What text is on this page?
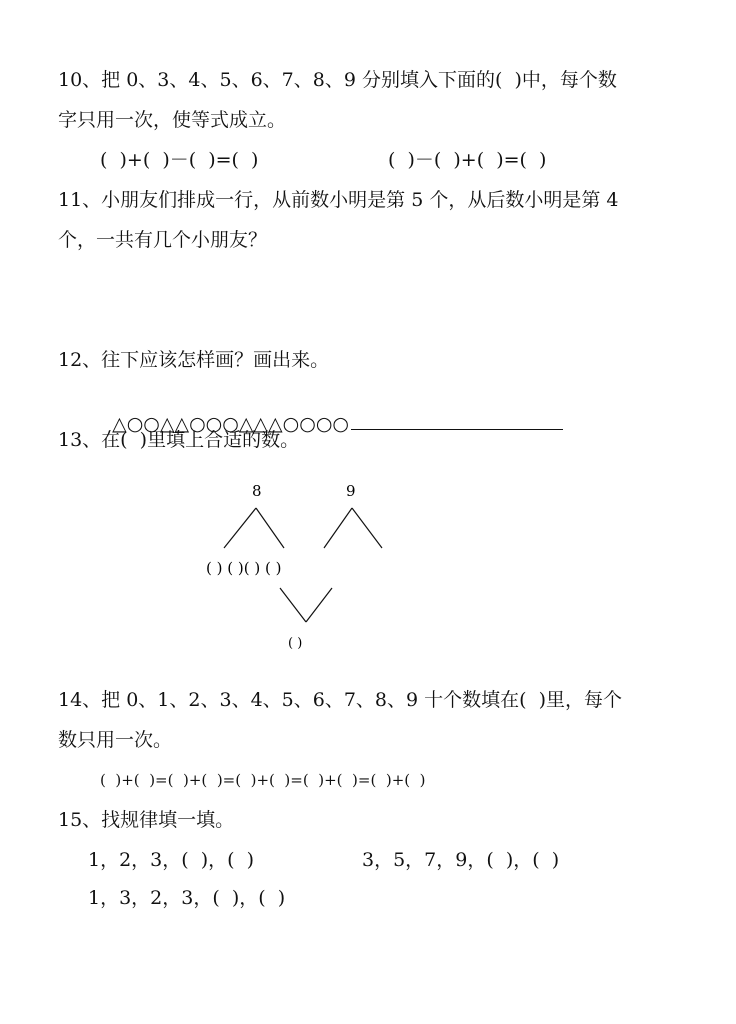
10、把 0、3、4、5、6、7、8、9 分别填入下面的(  )中，每个数
字只用一次，使等式成立。
(  )+(  )－(  )=(  )	(  )－(  )+(  )=(  )
11、小朋友们排成一行，从前数小明是第 5 个，从后数小明是第 4
个，一共有几个小朋友？
12、往下应该怎样画？画出来。

△○○△△○○○△△△○○○○

13、在(  )里填上合适的数。
8	9
( ) ( )( ) ( )
( )
14、把 0、1、2、3、4、5、6、7、8、9 十个数填在(  )里，每个
数只用一次。
(  )+(  )=(  )+(  )=(  )+(  )=(  )+(  )=(  )+(  )
15、找规律填一填。
1，2，3，(  )，(  )	3，5，7，9，(  )，(  )
1，3，2，3，(  )，(  )
